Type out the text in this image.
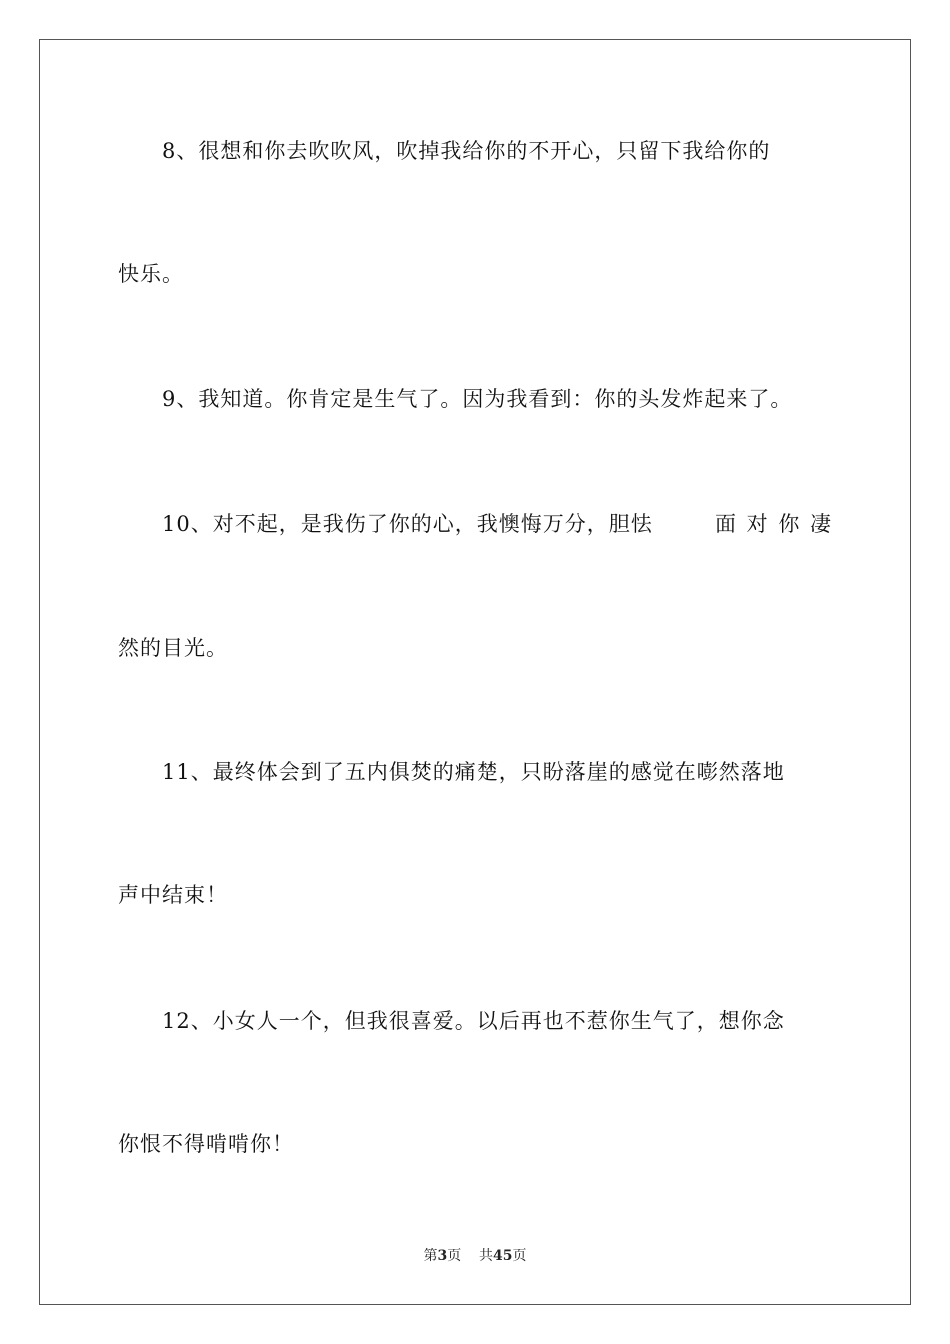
8、很想和你去吹吹风，吹掉我给你的不开心，只留下我给你的
快乐。
9、我知道。你肯定是生气了。因为我看到：你的头发炸起来了。
10、对不起，是我伤了你的心，我懊悔万分，胆怯	面 对 你 凄
然的目光。
11、最终体会到了五内俱焚的痛楚，只盼落崖的感觉在嘭然落地
声中结束！
12、小女人一个，但我很喜爱。以后再也不惹你生气了，想你念
你恨不得啃啃你！
第3页 共45页
